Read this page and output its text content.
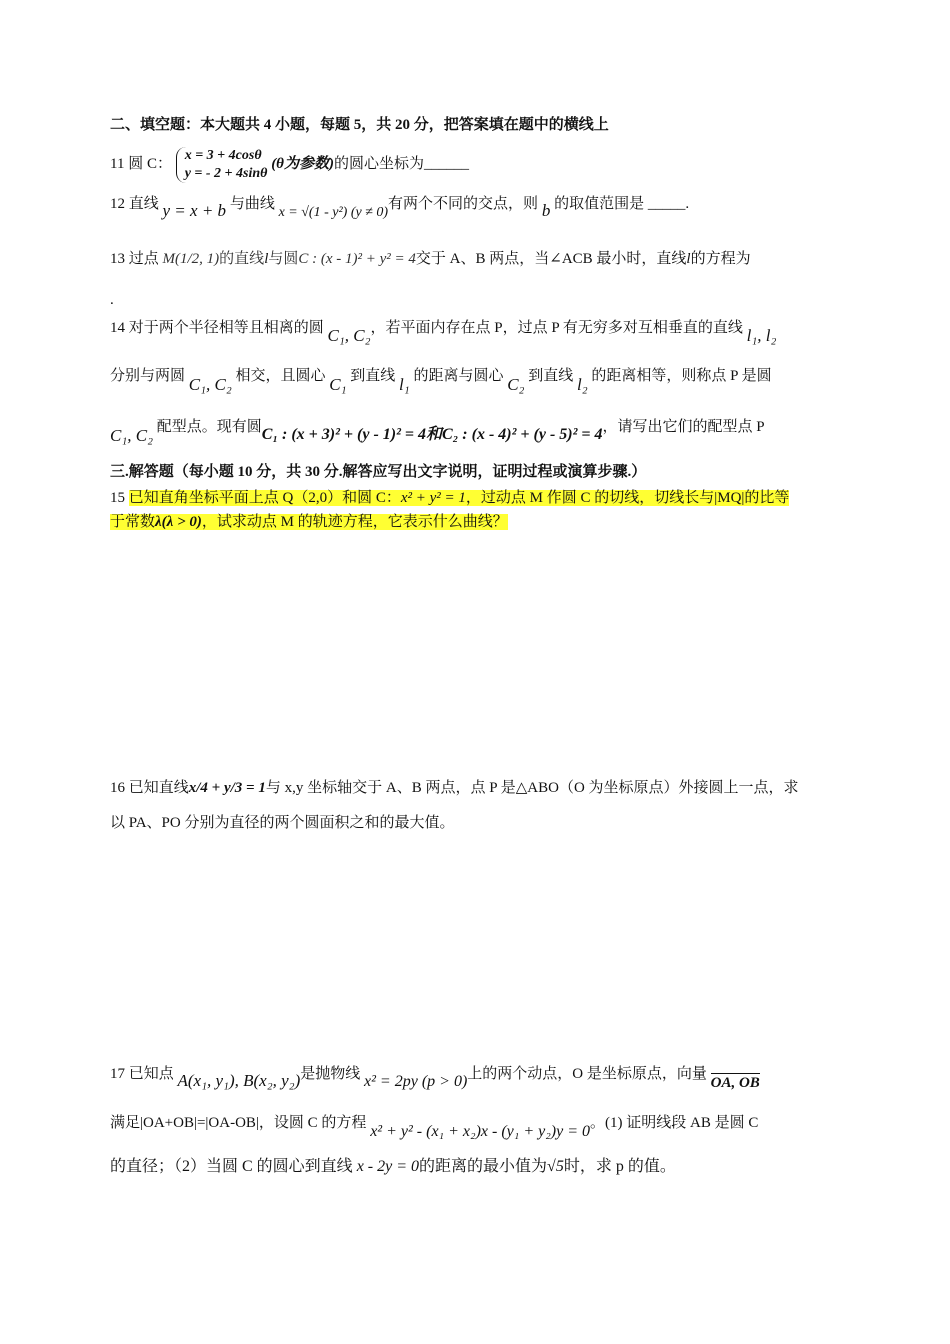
二、填空题：本大题共 4 小题，每题 5，共 20 分，把答案填在题中的横线上
11 圆 C：
x = 3 + 4cosθ
y = - 2 + 4sinθ
(θ为参数)的圆心坐标为______
12 直线 y = x + b 与曲线 x = √(1 - y²) (y ≠ 0)有两个不同的交点，则 b 的取值范围是 _____.
13 过点 M(1/2, 1)的直线l与圆C : (x - 1)² + y² = 4交于 A、B 两点，当∠ACB 最小时，直线l的方程为
.
14 对于两个半径相等且相离的圆 C₁, C₂，若平面内存在点 P，过点 P 有无穷多对互相垂直的直线 l₁, l₂
分别与两圆 C₁, C₂ 相交，且圆心 C₁ 到直线 l₁ 的距离与圆心 C₂ 到直线 l₂ 的距离相等，则称点 P 是圆
C₁, C₂ 配型点。现有圆C₁ : (x + 3)² + (y - 1)² = 4和C₂ : (x - 4)² + (y - 5)² = 4，请写出它们的配型点 P
三.解答题（每小题 10 分，共 30 分.解答应写出文字说明，证明过程或演算步骤.）
15 已知直角坐标平面上点 Q（2,0）和圆 C：x² + y² = 1，过动点 M 作圆 C 的切线，切线长与|MQ|的比等
于常数λ(λ > 0)，试求动点 M 的轨迹方程，它表示什么曲线？
16 已知直线x/4 + y/3 = 1与 x,y 坐标轴交于 A、B 两点，点 P 是△ABO（O 为坐标原点）外接圆上一点，求
以 PA、PO 分别为直径的两个圆面积之和的最大值。
17 已知点 A(x₁, y₁), B(x₂, y₂)是抛物线 x² = 2py (p > 0)上的两个动点，O 是坐标原点，向量 OA, OB
满足|OA+OB|=|OA-OB|，设圆 C 的方程 x² + y² - (x₁ + x₂)x - (y₁ + y₂)y = 0。(1) 证明线段 AB 是圆 C
的直径；（2）当圆 C 的圆心到直线 x - 2y = 0的距离的最小值为√5时，求 p 的值。
